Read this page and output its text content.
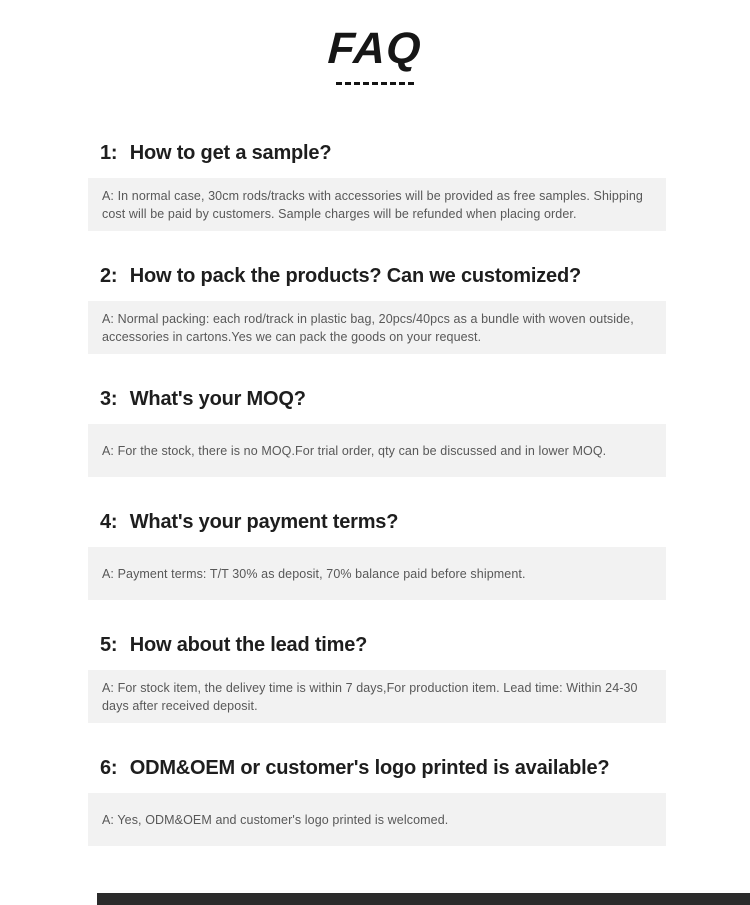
FAQ
1: How to get a sample?

A: In normal case, 30cm rods/tracks with accessories will be provided as free samples. Shipping cost will be paid by customers. Sample charges will be refunded when placing order.

2: How to pack the products? Can we customized?

A: Normal packing: each rod/track in plastic bag, 20pcs/40pcs as a bundle with woven outside, accessories in cartons.Yes we can pack the goods on your request.

3: What's your MOQ?

A: For the stock, there is no MOQ.For trial order, qty can be discussed and in lower MOQ.

4: What's your payment terms?

A: Payment terms: T/T 30% as deposit, 70% balance paid before shipment.

5: How about the lead time?

A: For stock item, the delivey time is within 7 days,For production item. Lead time: Within 24-30 days after received deposit.

6: ODM&OEM or customer's logo printed is available?

A: Yes, ODM&OEM and customer's logo printed is welcomed.
